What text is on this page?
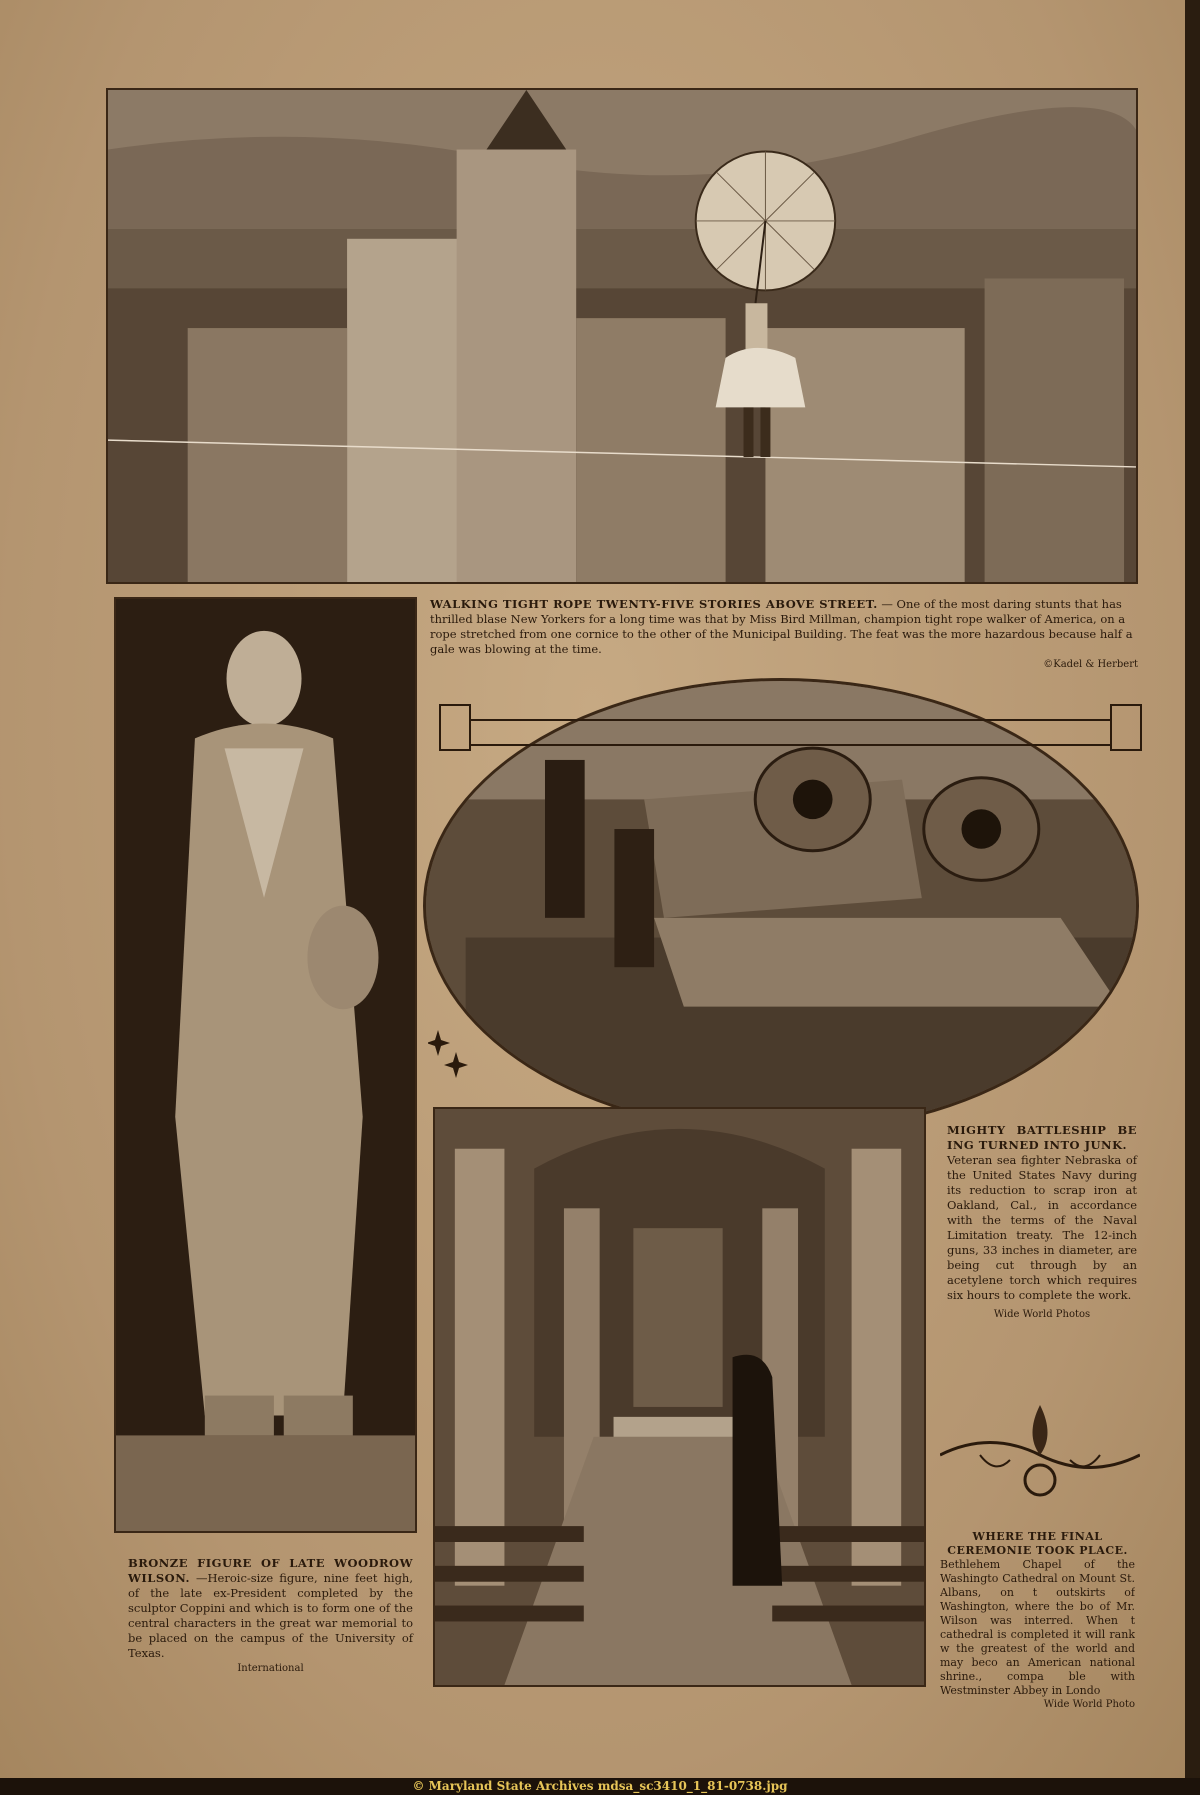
WALKING TIGHT ROPE TWENTY-FIVE STORIES ABOVE STREET. — One of the most daring stunts that has thrilled blase New Yorkers for a long time was that by Miss Bird Millman, champion tight rope walker of America, on a rope stretched from one cornice to the other of the Municipal Building. The feat was the more hazardous because half a gale was blowing at the time.
©Kadel & Herbert
MIGHTY BATTLESHIP BE ING TURNED INTO JUNK.
Veteran sea fighter Nebraska of the United States Navy during its reduction to scrap iron at Oakland, Cal., in accordance with the terms of the Naval Limitation treaty. The 12-inch guns, 33 inches in diameter, are being cut through by an acetylene torch which requires six hours to complete the work.
Wide World Photos
BRONZE FIGURE OF LATE WOODROW WILSON. —Heroic-size figure, nine feet high, of the late ex-President completed by the sculptor Coppini and which is to form one of the central characters in the great war memorial to be placed on the campus of the University of Texas.
International
WHERE THE FINAL CEREMONIE TOOK PLACE.
Bethlehem Chapel of the Washingto Cathedral on Mount St. Albans, on t outskirts of Washington, where the bo of Mr. Wilson was interred. When t cathedral is completed it will rank w the greatest of the world and may beco an American national shrine., compa ble with Westminster Abbey in Londo
Wide World Photo
© Maryland State Archives mdsa_sc3410_1_81-0738.jpg
